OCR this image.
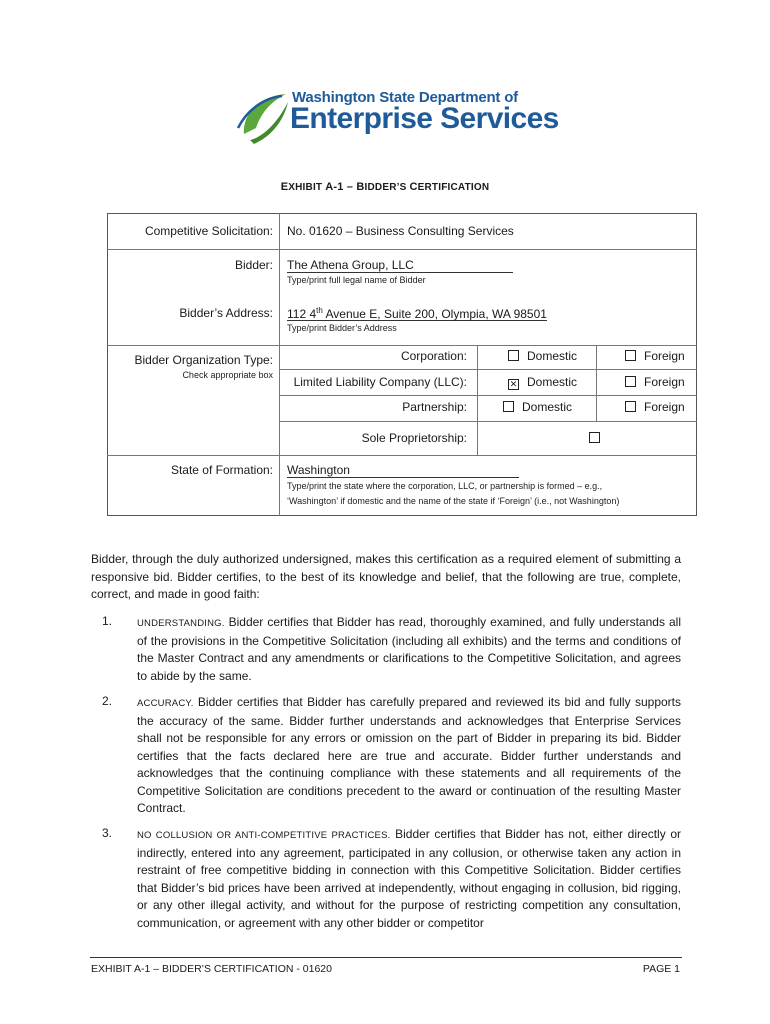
Washington State Department of
Enterprise Services
EXHIBIT A-1 – BIDDER’S CERTIFICATION
Competitive Solicitation: No. 01620 – Business Consulting Services
Bidder: The Athena Group, LLC
Type/print full legal name of Bidder
Bidder’s Address: 112 4th Avenue E, Suite 200, Olympia, WA 98501
Type/print Bidder’s Address
Bidder Organization Type:
Check appropriate box
Corporation:	Domestic	Foreign
Limited Liability Company (LLC):	✕ Domestic	Foreign
Partnership:	Domestic	Foreign
Sole Proprietorship:
State of Formation: Washington
Type/print the state where the corporation, LLC, or partnership is formed – e.g.,
‘Washington’ if domestic and the name of the state if ‘Foreign’ (i.e., not Washington)
Bidder, through the duly authorized undersigned, makes this certification as a required element of submitting a responsive bid. Bidder certifies, to the best of its knowledge and belief, that the following are true, complete, correct, and made in good faith:
1.	UNDERSTANDING. Bidder certifies that Bidder has read, thoroughly examined, and fully understands all of the provisions in the Competitive Solicitation (including all exhibits) and the terms and conditions of the Master Contract and any amendments or clarifications to the Competitive Solicitation, and agrees to abide by the same.
2.	ACCURACY. Bidder certifies that Bidder has carefully prepared and reviewed its bid and fully supports the accuracy of the same. Bidder further understands and acknowledges that Enterprise Services shall not be responsible for any errors or omission on the part of Bidder in preparing its bid. Bidder certifies that the facts declared here are true and accurate. Bidder further understands and acknowledges that the continuing compliance with these statements and all requirements of the Competitive Solicitation are conditions precedent to the award or continuation of the resulting Master Contract.
3.	NO COLLUSION OR ANTI-COMPETITIVE PRACTICES. Bidder certifies that Bidder has not, either directly or indirectly, entered into any agreement, participated in any collusion, or otherwise taken any action in restraint of free competitive bidding in connection with this Competitive Solicitation. Bidder certifies that Bidder’s bid prices have been arrived at independently, without engaging in collusion, bid rigging, or any other illegal activity, and without for the purpose of restricting competition any consultation, communication, or agreement with any other bidder or competitor
EXHIBIT A-1 – BIDDER’S CERTIFICATION - 01620	PAGE 1
